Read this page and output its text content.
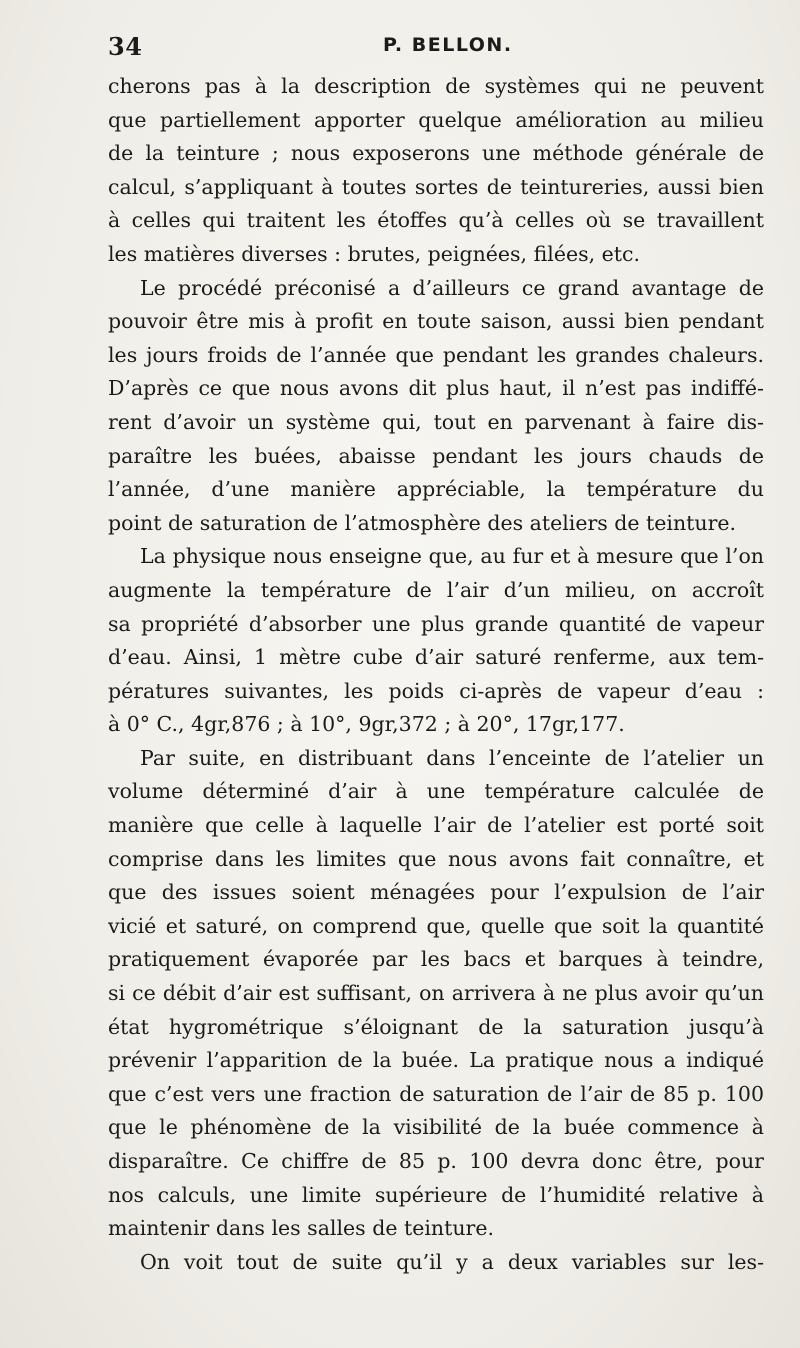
34	P. BELLON.

cherons pas à la description de systèmes qui ne peuvent
que partiellement apporter quelque amélioration au milieu
de la teinture ; nous exposerons une méthode générale de
calcul, s’appliquant à toutes sortes de teintureries, aussi bien
à celles qui traitent les étoffes qu’à celles où se travaillent
les matières diverses : brutes, peignées, filées, etc.

Le procédé préconisé a d’ailleurs ce grand avantage de
pouvoir être mis à profit en toute saison, aussi bien pendant
les jours froids de l’année que pendant les grandes chaleurs.
D’après ce que nous avons dit plus haut, il n’est pas indiffé-
rent d’avoir un système qui, tout en parvenant à faire dis-
paraître les buées, abaisse pendant les jours chauds de
l’année, d’une manière appréciable, la température du
point de saturation de l’atmosphère des ateliers de teinture.

La physique nous enseigne que, au fur et à mesure que l’on
augmente la température de l’air d’un milieu, on accroît
sa propriété d’absorber une plus grande quantité de vapeur
d’eau. Ainsi, 1 mètre cube d’air saturé renferme, aux tem-
pératures suivantes, les poids ci-après de vapeur d’eau :
à 0° C., 4gr,876 ; à 10°, 9gr,372 ; à 20°, 17gr,177.

Par suite, en distribuant dans l’enceinte de l’atelier un
volume déterminé d’air à une température calculée de
manière que celle à laquelle l’air de l’atelier est porté soit
comprise dans les limites que nous avons fait connaître, et
que des issues soient ménagées pour l’expulsion de l’air
vicié et saturé, on comprend que, quelle que soit la quantité
pratiquement évaporée par les bacs et barques à teindre,
si ce débit d’air est suffisant, on arrivera à ne plus avoir qu’un
état hygrométrique s’éloignant de la saturation jusqu’à
prévenir l’apparition de la buée. La pratique nous a indiqué
que c’est vers une fraction de saturation de l’air de 85 p. 100
que le phénomène de la visibilité de la buée commence à
disparaître. Ce chiffre de 85 p. 100 devra donc être, pour
nos calculs, une limite supérieure de l’humidité relative à
maintenir dans les salles de teinture.

On voit tout de suite qu’il y a deux variables sur les-
